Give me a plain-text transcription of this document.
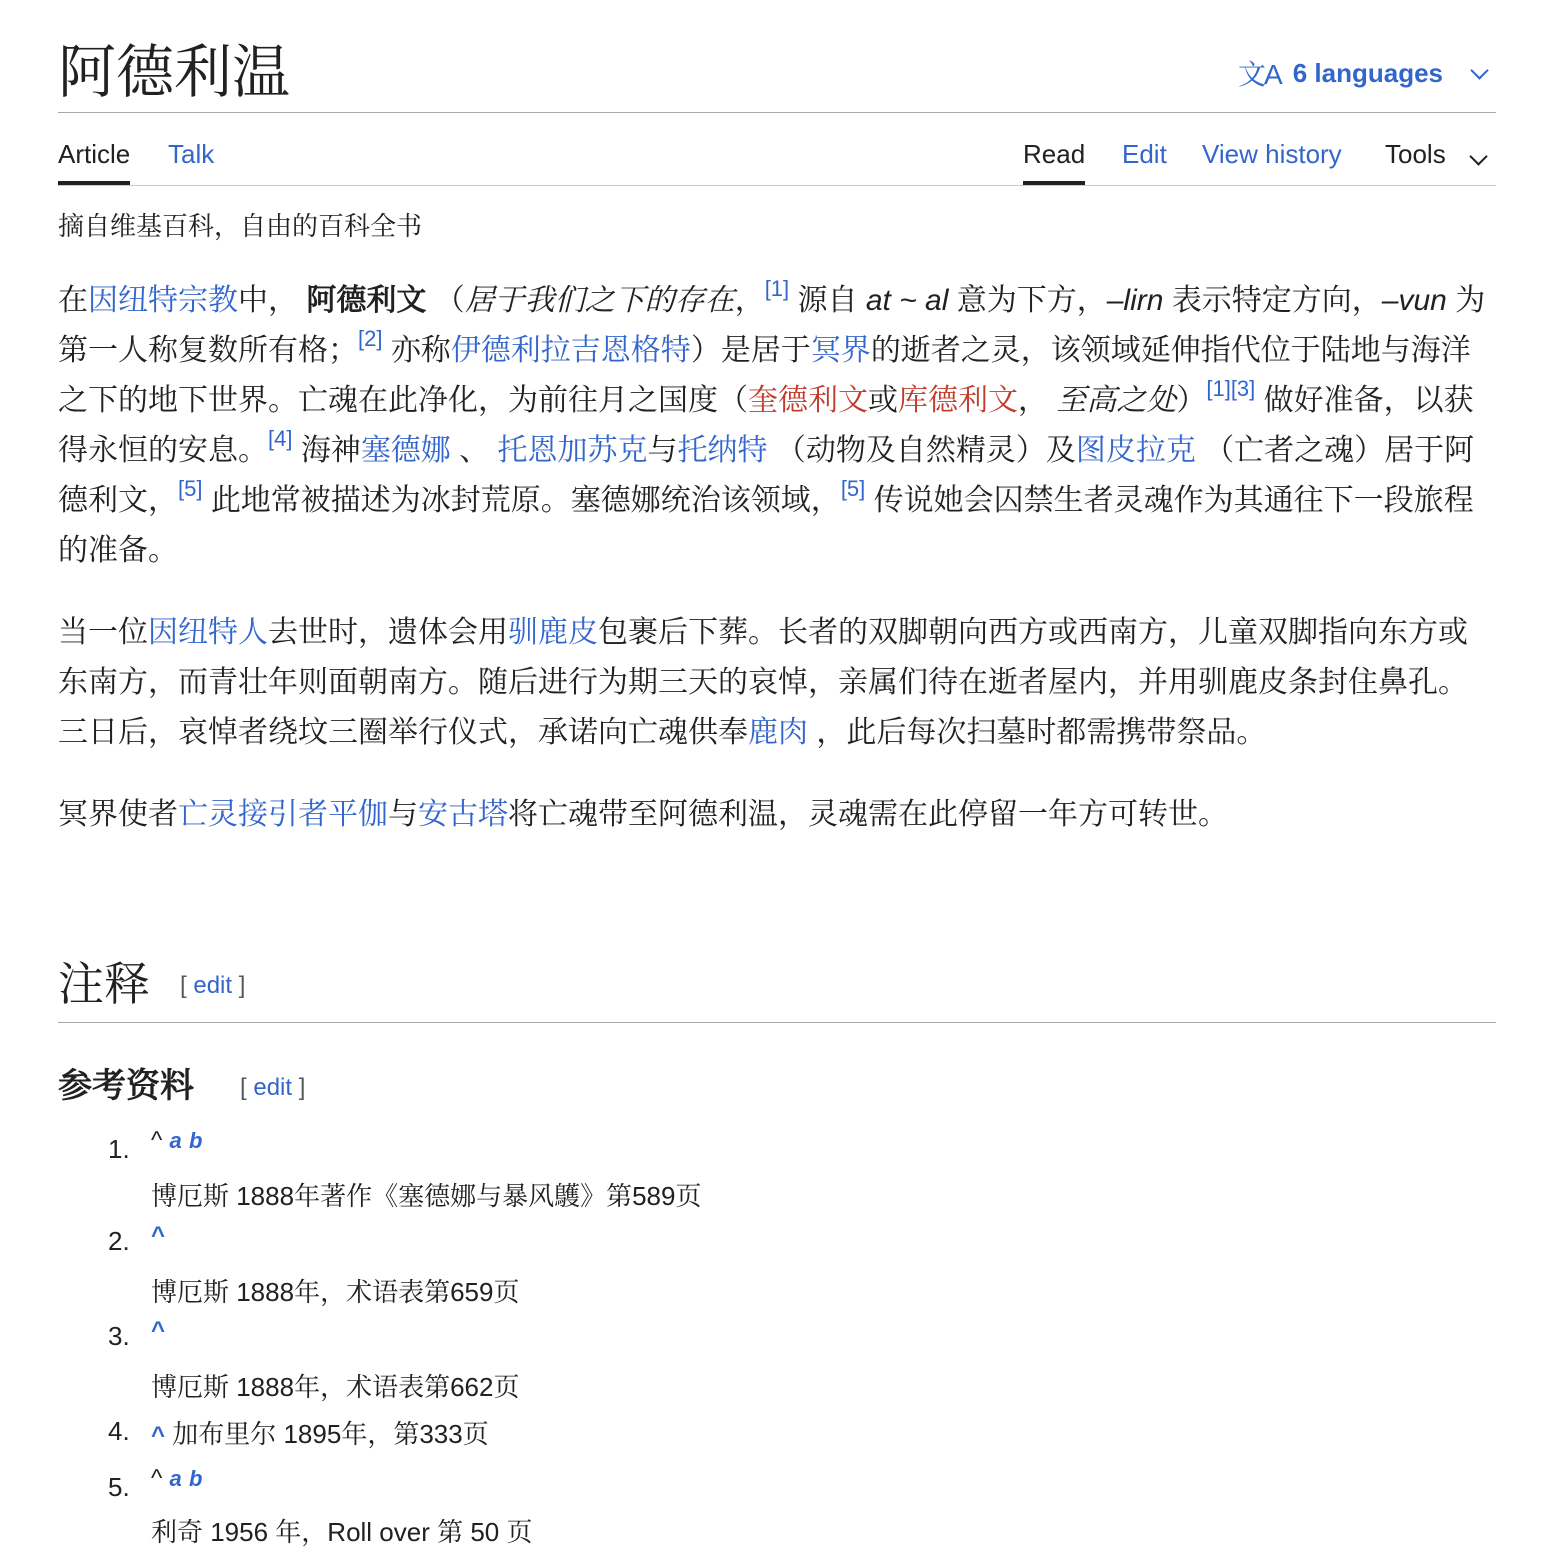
阿德利温	文A 6 languages
Article Talk	Read Edit View history Tools
摘自维基百科，自由的百科全书

在因纽特宗教中， 阿德利文 （居于我们之下的存在，[1] 源自 at ~ al 意为下方，–lirn 表示特定方向，–vun 为第一人称复数所有格；[2] 亦称伊德利拉吉恩格特）是居于冥界的逝者之灵，该领域延伸指代位于陆地与海洋之下的地下世界。亡魂在此净化，为前往月之国度（奎德利文或库德利文， 至高之处）[1][3] 做好准备，以获得永恒的安息。[4] 海神塞德娜 、 托恩加苏克与托纳特 （动物及自然精灵）及图皮拉克 （亡者之魂）居于阿德利文，[5] 此地常被描述为冰封荒原。塞德娜统治该领域，[5] 传说她会囚禁生者灵魂作为其通往下一段旅程的准备。

当一位因纽特人去世时，遗体会用驯鹿皮包裹后下葬。长者的双脚朝向西方或西南方，儿童双脚指向东方或东南方，而青壮年则面朝南方。随后进行为期三天的哀悼，亲属们待在逝者屋内，并用驯鹿皮条封住鼻孔。三日后，哀悼者绕坟三圈举行仪式，承诺向亡魂供奉鹿肉 ，此后每次扫墓时都需携带祭品。

冥界使者亡灵接引者平伽与安古塔将亡魂带至阿德利温，灵魂需在此停留一年方可转世。

注释 [ edit ]
参考资料 [ edit ]
1. ^ a b
博厄斯 1888年著作《塞德娜与暴风鸌》第589页
2. ^
博厄斯 1888年，术语表第659页
3. ^
博厄斯 1888年，术语表第662页
4. ^ 加布里尔 1895年，第333页
5. ^ a b
利奇 1956 年，Roll over 第 50 页
